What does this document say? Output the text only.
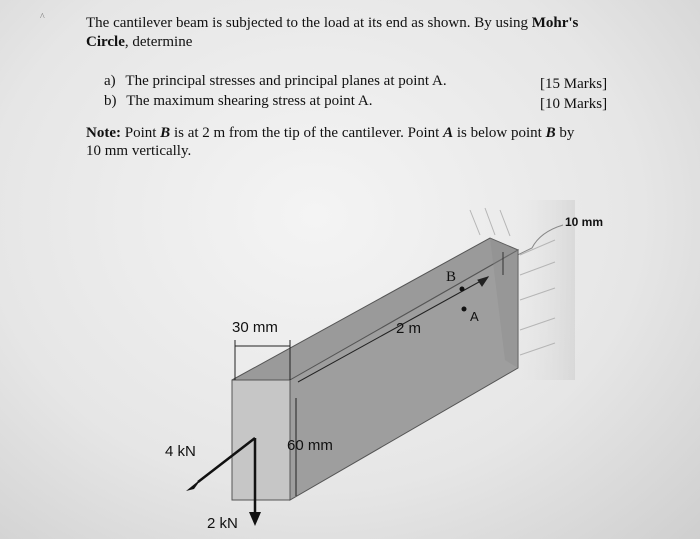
^	The cantilever beam is subjected to the load at its end as shown. By using Mohr's
Circle, determine
a) The principal stresses and principal planes at point A.	[15 Marks]
b) The maximum shearing stress at point A.	[10 Marks]
Note: Point B is at 2 m from the tip of the cantilever. Point A is below point B by
10 mm vertically.
10 mm
B
A
2 m
30 mm
60 mm
4 kN
2 kN
